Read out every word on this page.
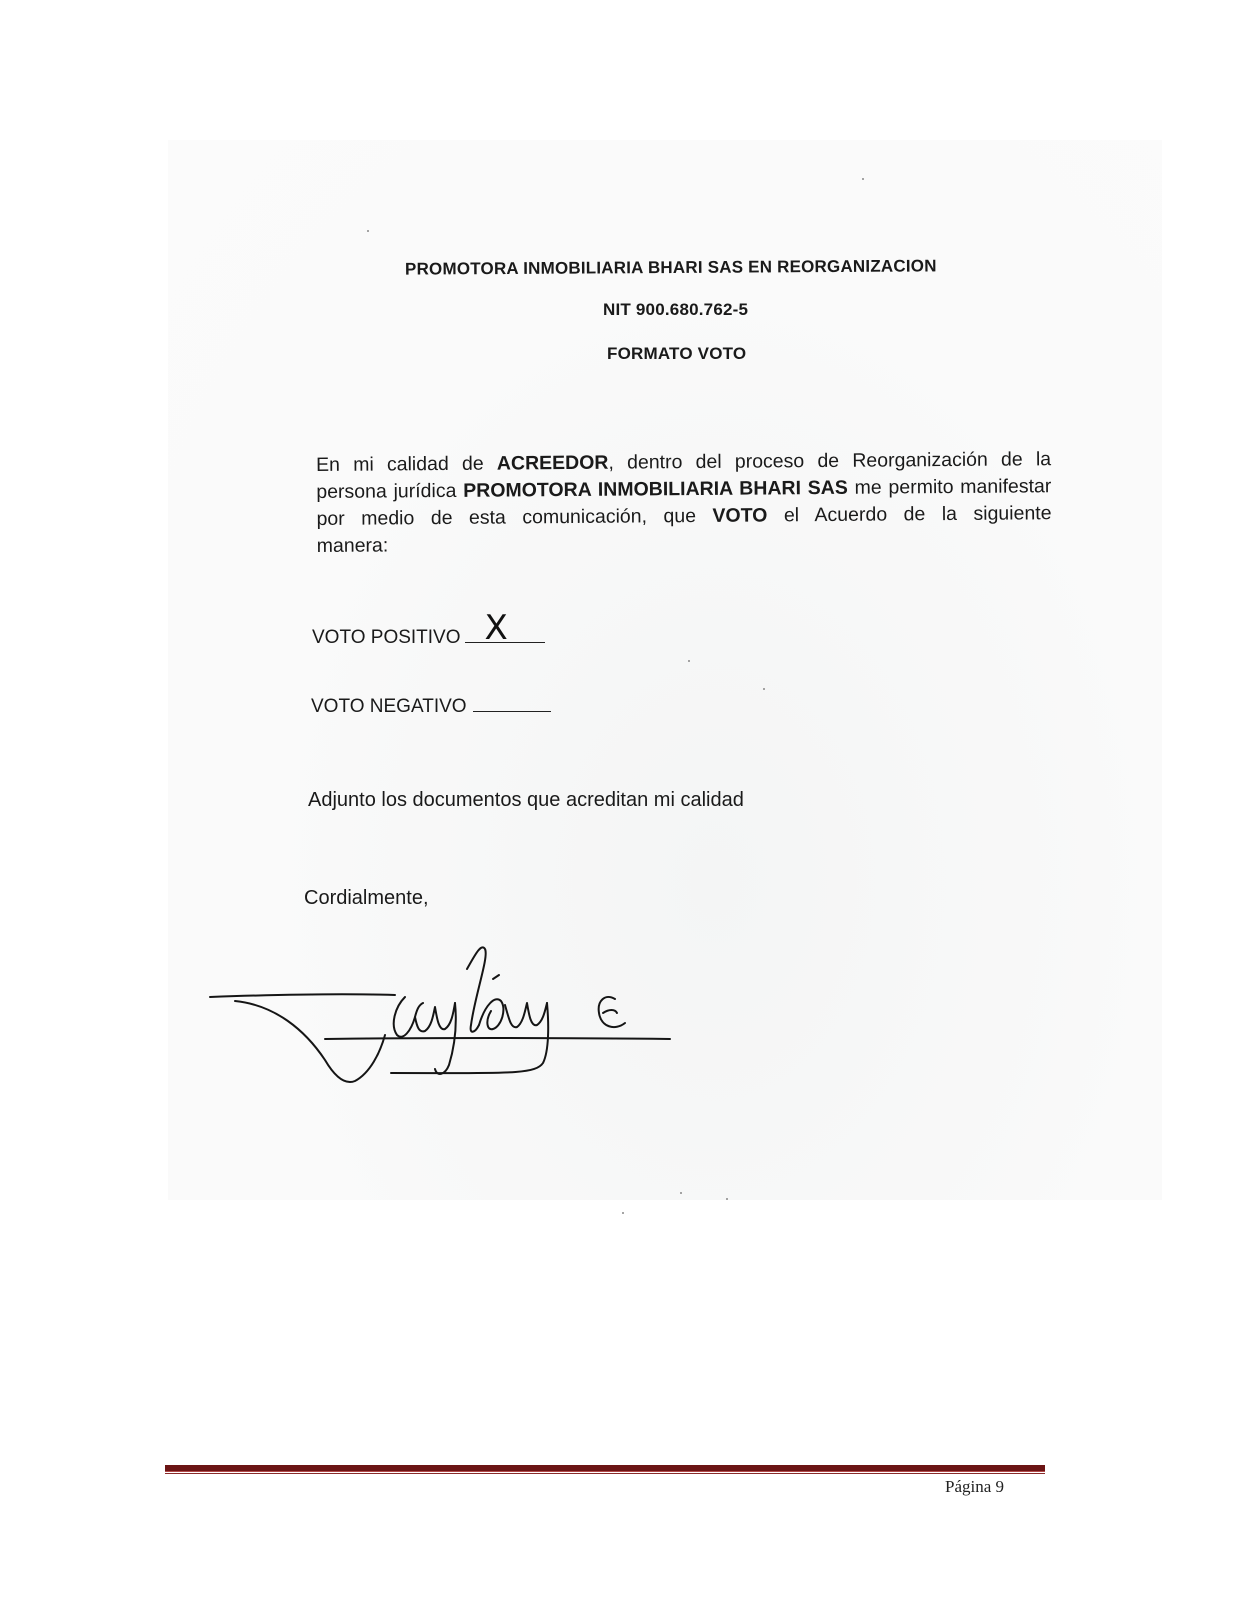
PROMOTORA INMOBILIARIA BHARI SAS EN REORGANIZACION
NIT 900.680.762-5
FORMATO VOTO
En mi calidad de ACREEDOR, dentro del proceso de Reorganización de la
persona jurídica PROMOTORA INMOBILIARIA BHARI SAS me permito manifestar
por medio de esta comunicación, que VOTO el Acuerdo de la siguiente
manera:
VOTO POSITIVO X
VOTO NEGATIVO
Adjunto los documentos que acreditan mi calidad
Cordialmente,
Página 9
